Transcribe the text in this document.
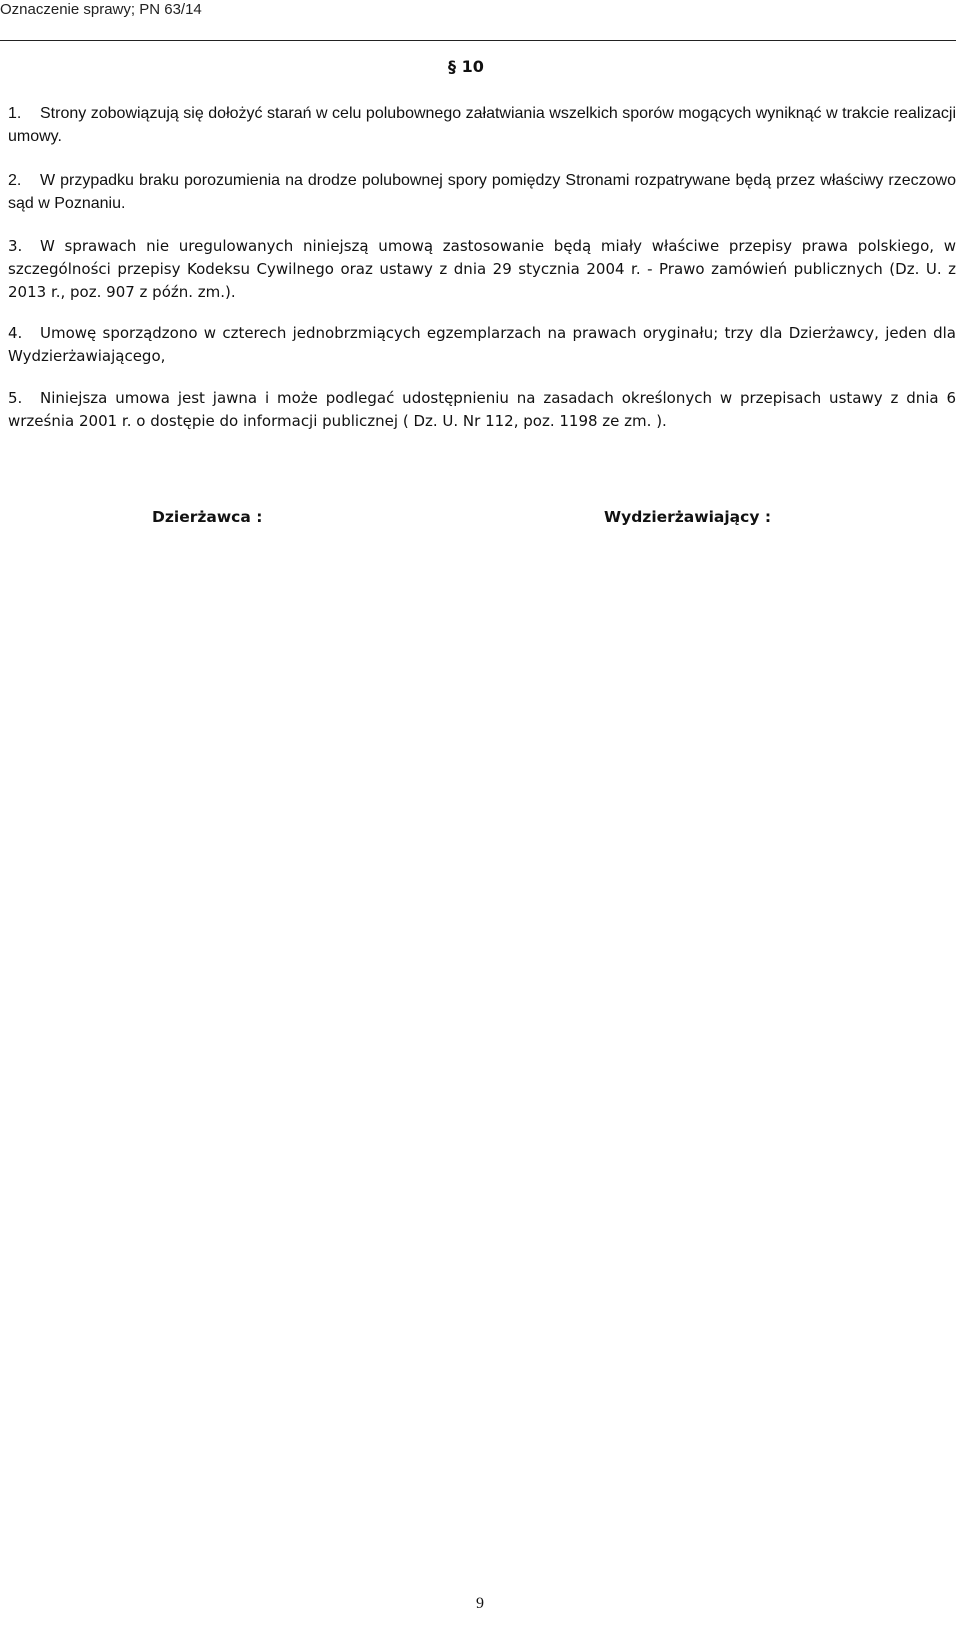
Oznaczenie sprawy; PN 63/14
§ 10
1. Strony zobowiązują się dołożyć starań w celu polubownego załatwiania wszelkich sporów mogących wyniknąć w trakcie realizacji umowy.
2. W przypadku braku porozumienia na drodze polubownej spory pomiędzy Stronami rozpatrywane będą przez właściwy rzeczowo sąd w Poznaniu.
3. W sprawach nie uregulowanych niniejszą umową zastosowanie będą miały właściwe przepisy prawa polskiego, w szczególności przepisy Kodeksu Cywilnego oraz ustawy z dnia 29 stycznia 2004 r. - Prawo zamówień publicznych (Dz. U. z 2013 r., poz. 907 z późn. zm.).
4. Umowę sporządzono w czterech jednobrzmiących egzemplarzach na prawach oryginału; trzy dla Dzierżawcy, jeden dla Wydzierżawiającego,
5. Niniejsza umowa jest jawna i może podlegać udostępnieniu na zasadach określonych w przepisach ustawy z dnia 6 września 2001 r. o dostępie do informacji publicznej ( Dz. U. Nr 112, poz. 1198 ze zm. ).
Dzierżawca :	Wydzierżawiający :
9
